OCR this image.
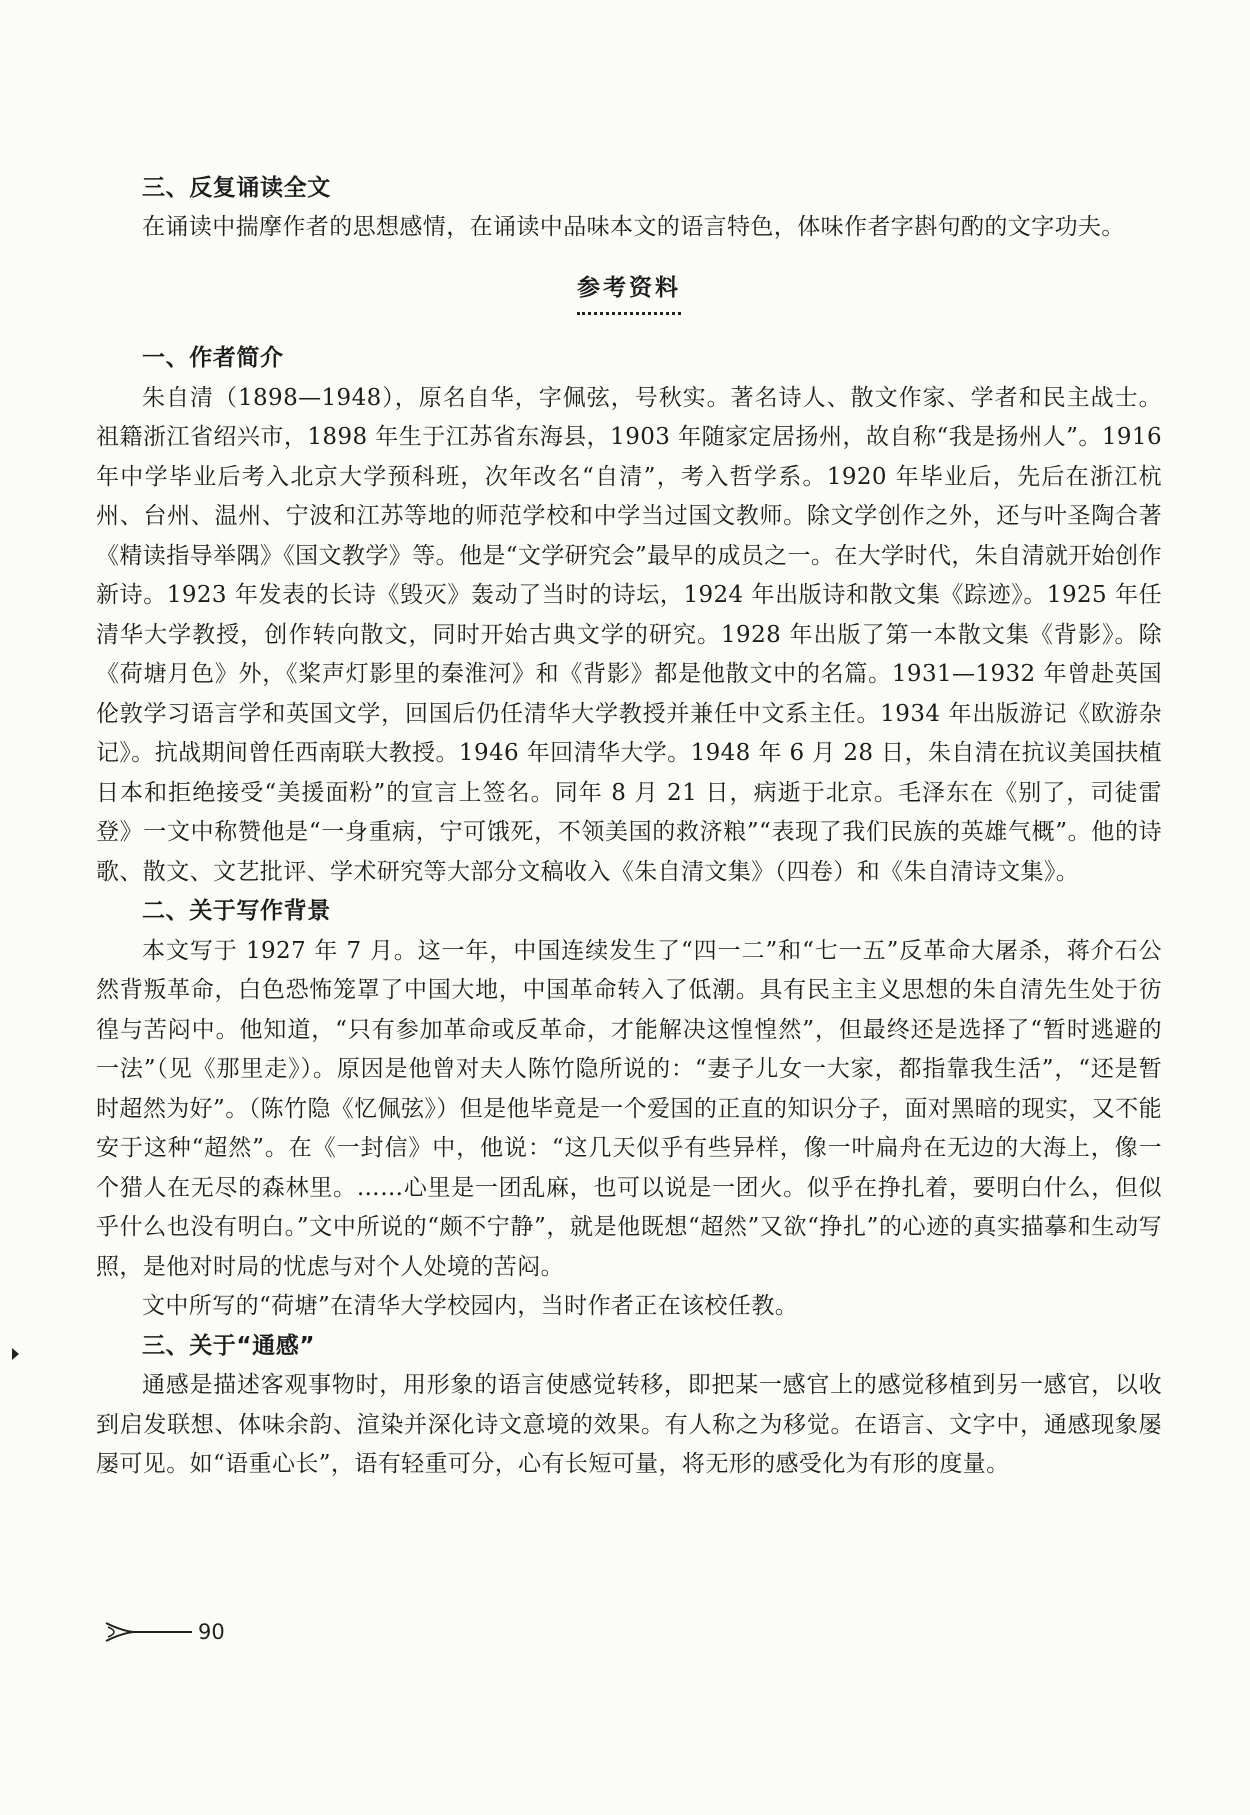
三、反复诵读全文

在诵读中揣摩作者的思想感情，在诵读中品味本文的语言特色，体味作者字斟句酌的文字功夫。

参考资料
一、作者简介

朱自清（1898—1948），原名自华，字佩弦，号秋实。著名诗人、散文作家、学者和民主战士。祖籍浙江省绍兴市，1898 年生于江苏省东海县，1903 年随家定居扬州，故自称“我是扬州人”。1916 年中学毕业后考入北京大学预科班，次年改名“自清”，考入哲学系。1920 年毕业后，先后在浙江杭州、台州、温州、宁波和江苏等地的师范学校和中学当过国文教师。除文学创作之外，还与叶圣陶合著《精读指导举隅》《国文教学》等。他是“文学研究会”最早的成员之一。在大学时代，朱自清就开始创作新诗。1923 年发表的长诗《毁灭》轰动了当时的诗坛，1924 年出版诗和散文集《踪迹》。1925 年任清华大学教授，创作转向散文，同时开始古典文学的研究。1928 年出版了第一本散文集《背影》。除《荷塘月色》外，《桨声灯影里的秦淮河》和《背影》都是他散文中的名篇。1931—1932 年曾赴英国伦敦学习语言学和英国文学，回国后仍任清华大学教授并兼任中文系主任。1934 年出版游记《欧游杂记》。抗战期间曾任西南联大教授。1946 年回清华大学。1948 年 6 月 28 日，朱自清在抗议美国扶植日本和拒绝接受“美援面粉”的宣言上签名。同年 8 月 21 日，病逝于北京。毛泽东在《别了，司徒雷登》一文中称赞他是“一身重病，宁可饿死，不领美国的救济粮”“表现了我们民族的英雄气概”。他的诗歌、散文、文艺批评、学术研究等大部分文稿收入《朱自清文集》（四卷）和《朱自清诗文集》。

二、关于写作背景

本文写于 1927 年 7 月。这一年，中国连续发生了“四一二”和“七一五”反革命大屠杀，蒋介石公然背叛革命，白色恐怖笼罩了中国大地，中国革命转入了低潮。具有民主主义思想的朱自清先生处于彷徨与苦闷中。他知道，“只有参加革命或反革命，才能解决这惶惶然”，但最终还是选择了“暂时逃避的一法”（见《那里走》）。原因是他曾对夫人陈竹隐所说的：“妻子儿女一大家，都指靠我生活”，“还是暂时超然为好”。（陈竹隐《忆佩弦》）但是他毕竟是一个爱国的正直的知识分子，面对黑暗的现实，又不能安于这种“超然”。在《一封信》中，他说：“这几天似乎有些异样，像一叶扁舟在无边的大海上，像一个猎人在无尽的森林里。……心里是一团乱麻，也可以说是一团火。似乎在挣扎着，要明白什么，但似乎什么也没有明白。”文中所说的“颇不宁静”，就是他既想“超然”又欲“挣扎”的心迹的真实描摹和生动写照，是他对时局的忧虑与对个人处境的苦闷。

文中所写的“荷塘”在清华大学校园内，当时作者正在该校任教。

三、关于“通感”

通感是描述客观事物时，用形象的语言使感觉转移，即把某一感官上的感觉移植到另一感官，以收到启发联想、体味余韵、渲染并深化诗文意境的效果。有人称之为移觉。在语言、文字中，通感现象屡屡可见。如“语重心长”，语有轻重可分，心有长短可量，将无形的感受化为有形的度量。

90
